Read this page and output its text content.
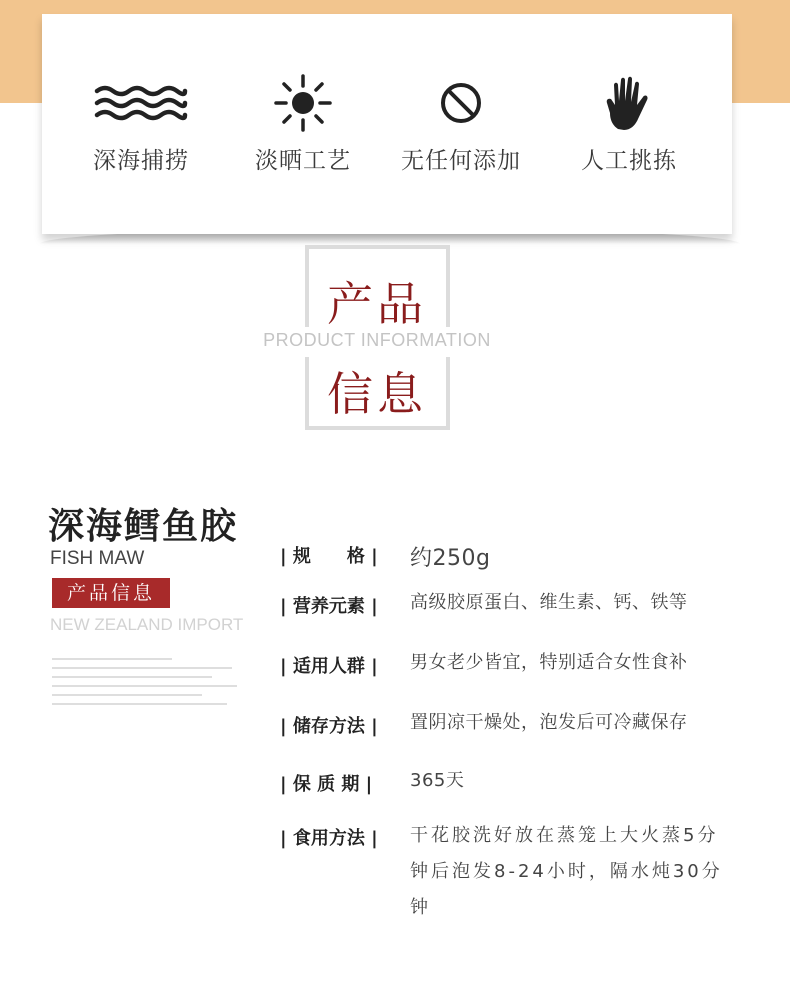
深海捕捞	淡晒工艺	无任何添加	人工挑拣
产品
PRODUCT INFORMATION
信息
深海鳕鱼胶
FISH MAW
产品信息
NEW ZEALAND IMPORT
| 规　　格 | 约250g
| 营养元素 | 高级胶原蛋白、维生素、钙、铁等
| 适用人群 | 男女老少皆宜，特别适合女性食补
| 储存方法 | 置阴凉干燥处，泡发后可冷藏保存
| 保 质 期 | 365天
| 食用方法 | 干花胶洗好放在蒸笼上大火蒸5分钟后泡发8-24小时，隔水炖30分钟
